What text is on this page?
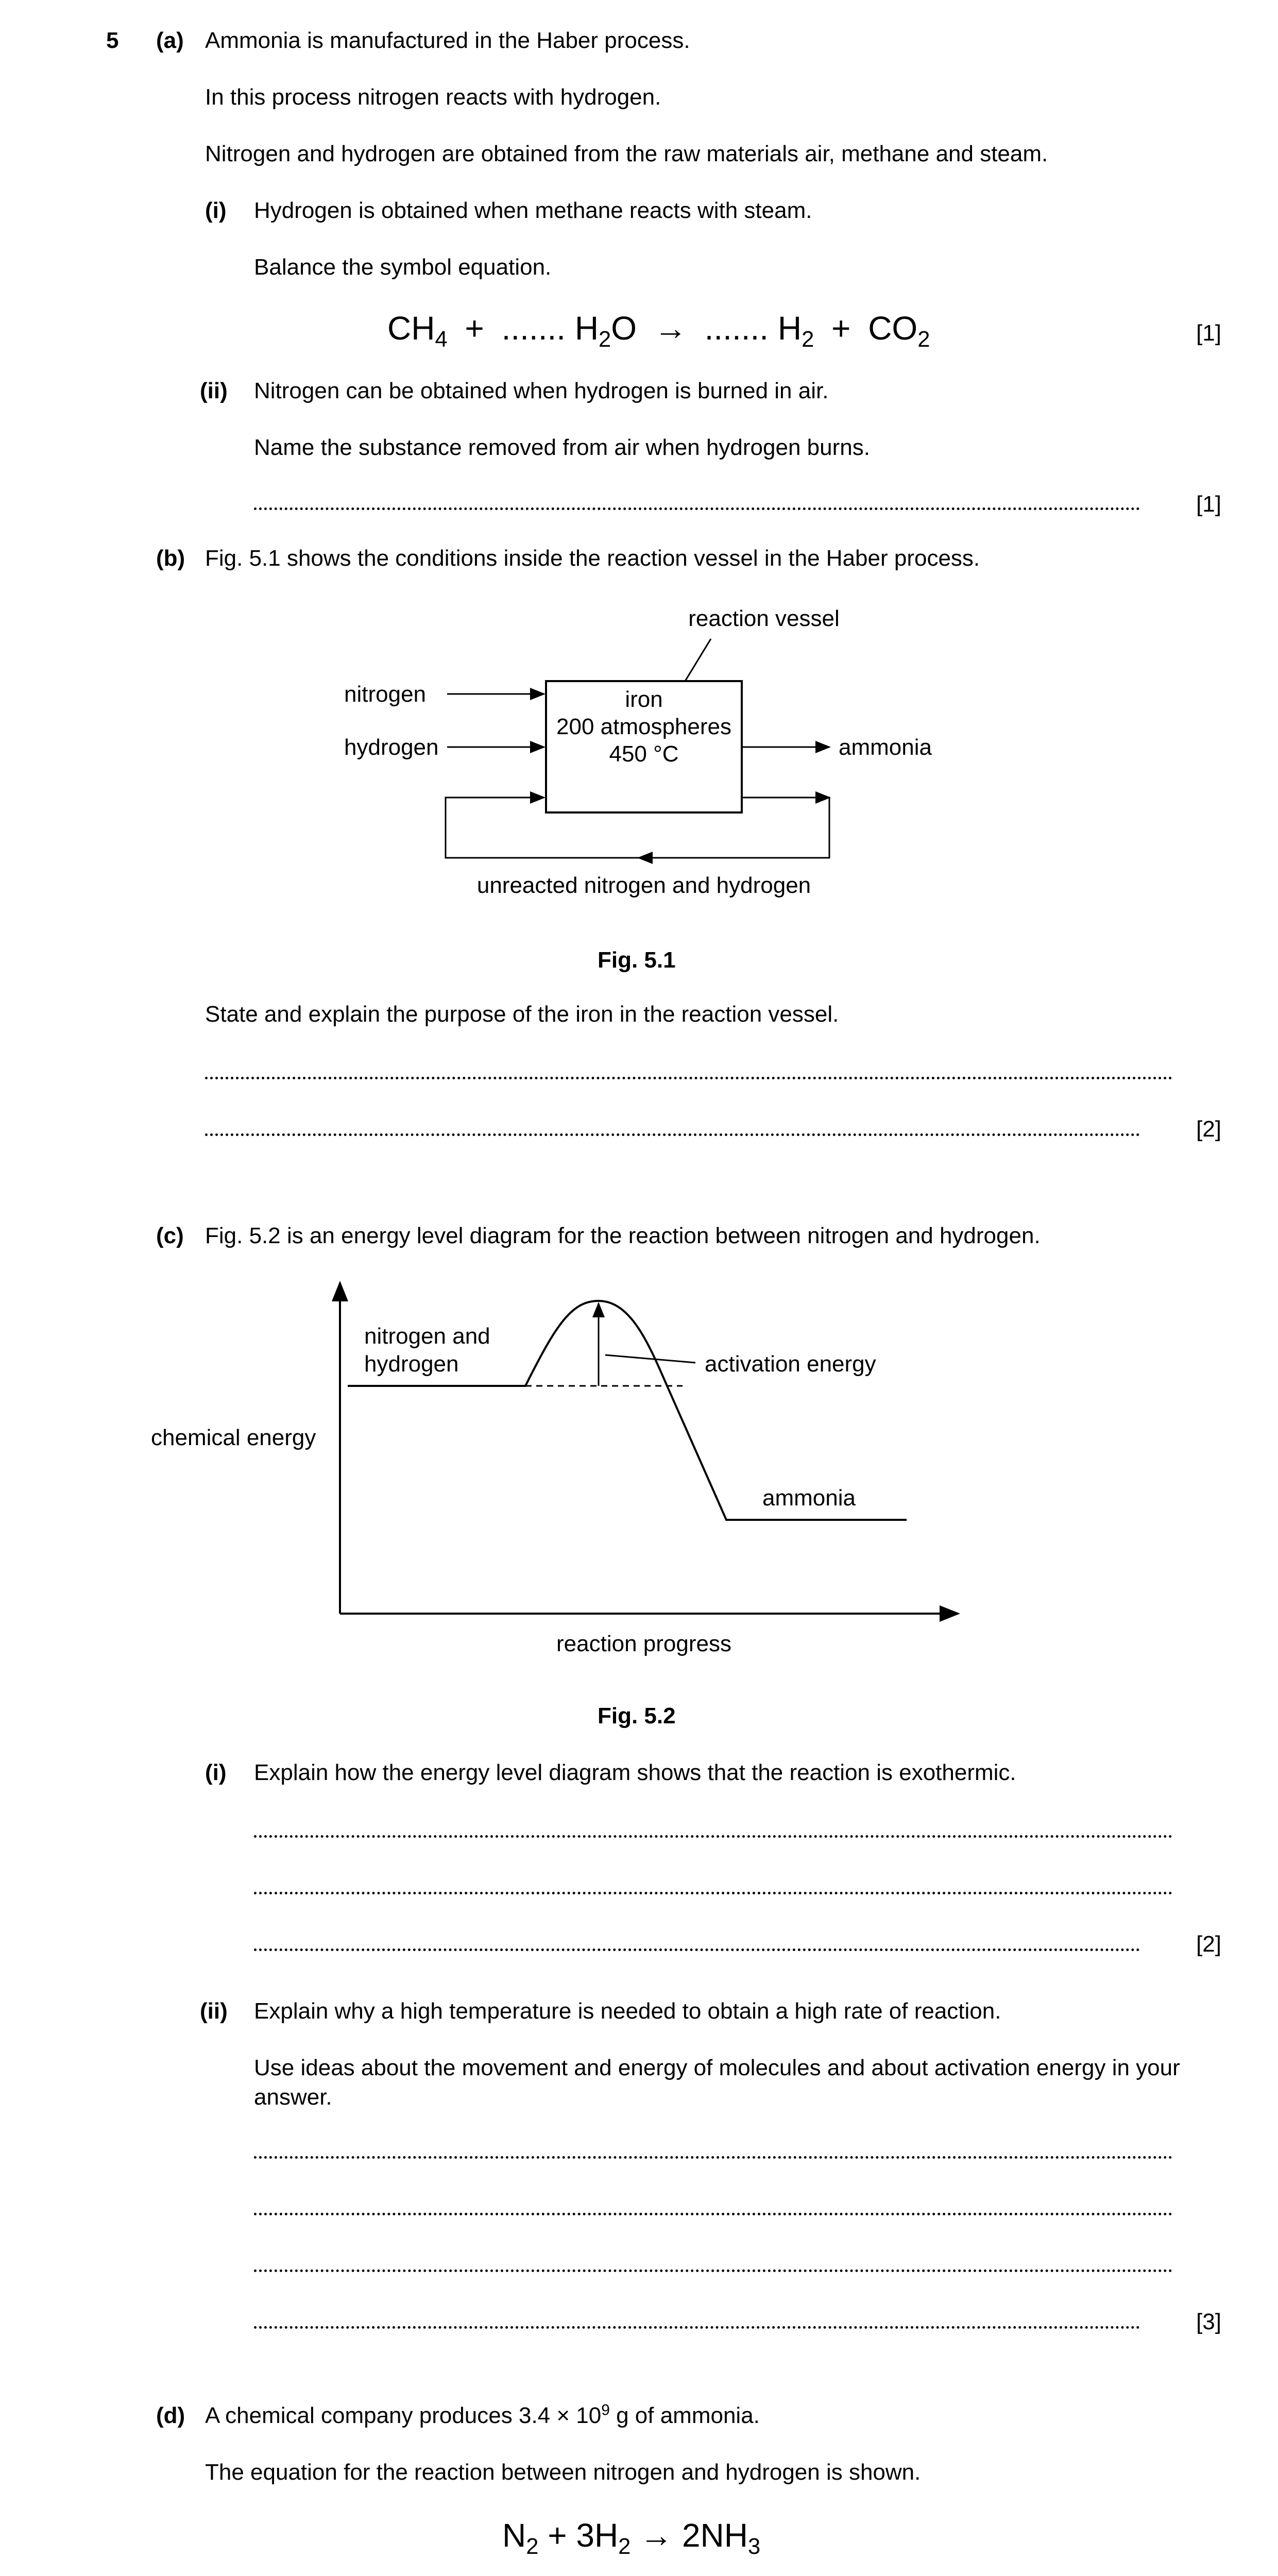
5 (a) Ammonia is manufactured in the Haber process.
In this process nitrogen reacts with hydrogen.
Nitrogen and hydrogen are obtained from the raw materials air, methane and steam.
(i) Hydrogen is obtained when methane reacts with steam.
Balance the symbol equation.
$CH_4$ + ....... $H_2O$ → ....... $H_2 + CO_2$	[1]
(ii) Nitrogen can be obtained when hydrogen is burned in air.
Name the substance removed from air when hydrogen burns.
[1]
(b) Fig. 5.1 shows the conditions inside the reaction vessel in the Haber process.
reaction vessel
iron
200 atmospheres
450 °C
nitrogen
hydrogen	ammonia
unreacted nitrogen and hydrogen
Fig. 5.1
State and explain the purpose of the iron in the reaction vessel.
[2]
(c) Fig. 5.2 is an energy level diagram for the reaction between nitrogen and hydrogen.
chemical energy
reaction progress
nitrogen and
hydrogen	activation energy
ammonia
Fig. 5.2
(i) Explain how the energy level diagram shows that the reaction is exothermic.
[2]
(ii) Explain why a high temperature is needed to obtain a high rate of reaction.
Use ideas about the movement and energy of molecules and about activation energy in your answer.
[3]
(d) A chemical company produces $3.4 \times 10^9$ g of ammonia.
The equation for the reaction between nitrogen and hydrogen is shown.
$N_2 + 3H_2 \to 2NH_3$
